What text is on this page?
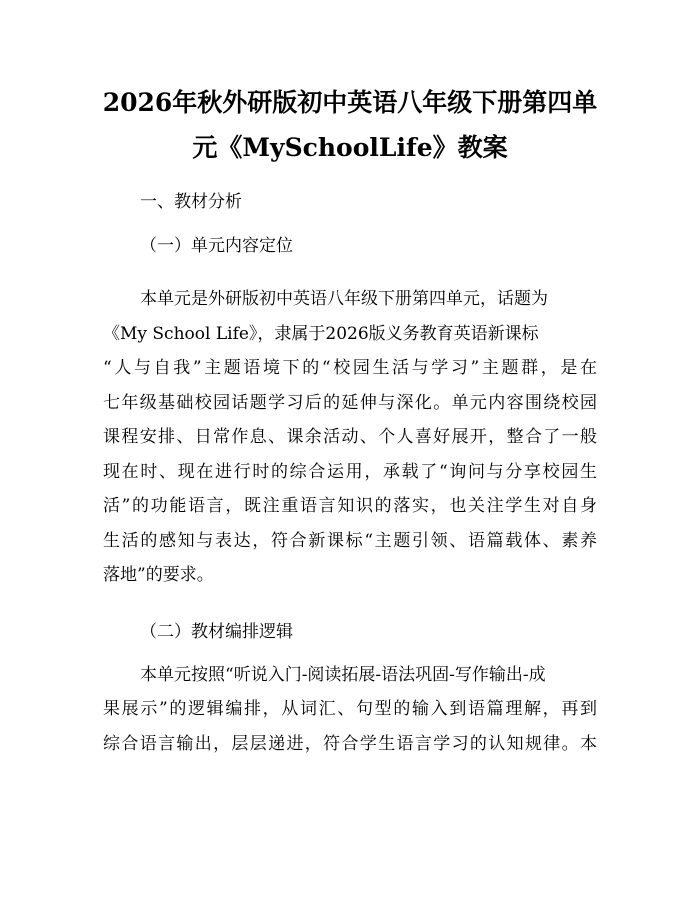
2026年秋外研版初中英语八年级下册第四单
元《MySchoolLife》教案
一、教材分析
（一）单元内容定位
本单元是外研版初中英语八年级下册第四单元，话题为
《My School Life》，隶属于2026版义务教育英语新课标
“人与自我”主题语境下的“校园生活与学习”主题群，是在
七年级基础校园话题学习后的延伸与深化。单元内容围绕校园
课程安排、日常作息、课余活动、个人喜好展开，整合了一般
现在时、现在进行时的综合运用，承载了“询问与分享校园生
活”的功能语言，既注重语言知识的落实，也关注学生对自身
生活的感知与表达，符合新课标“主题引领、语篇载体、素养
落地”的要求。
（二）教材编排逻辑
本单元按照“听说入门-阅读拓展-语法巩固-写作输出-成
果展示”的逻辑编排，从词汇、句型的输入到语篇理解，再到
综合语言输出，层层递进，符合学生语言学习的认知规律。本
